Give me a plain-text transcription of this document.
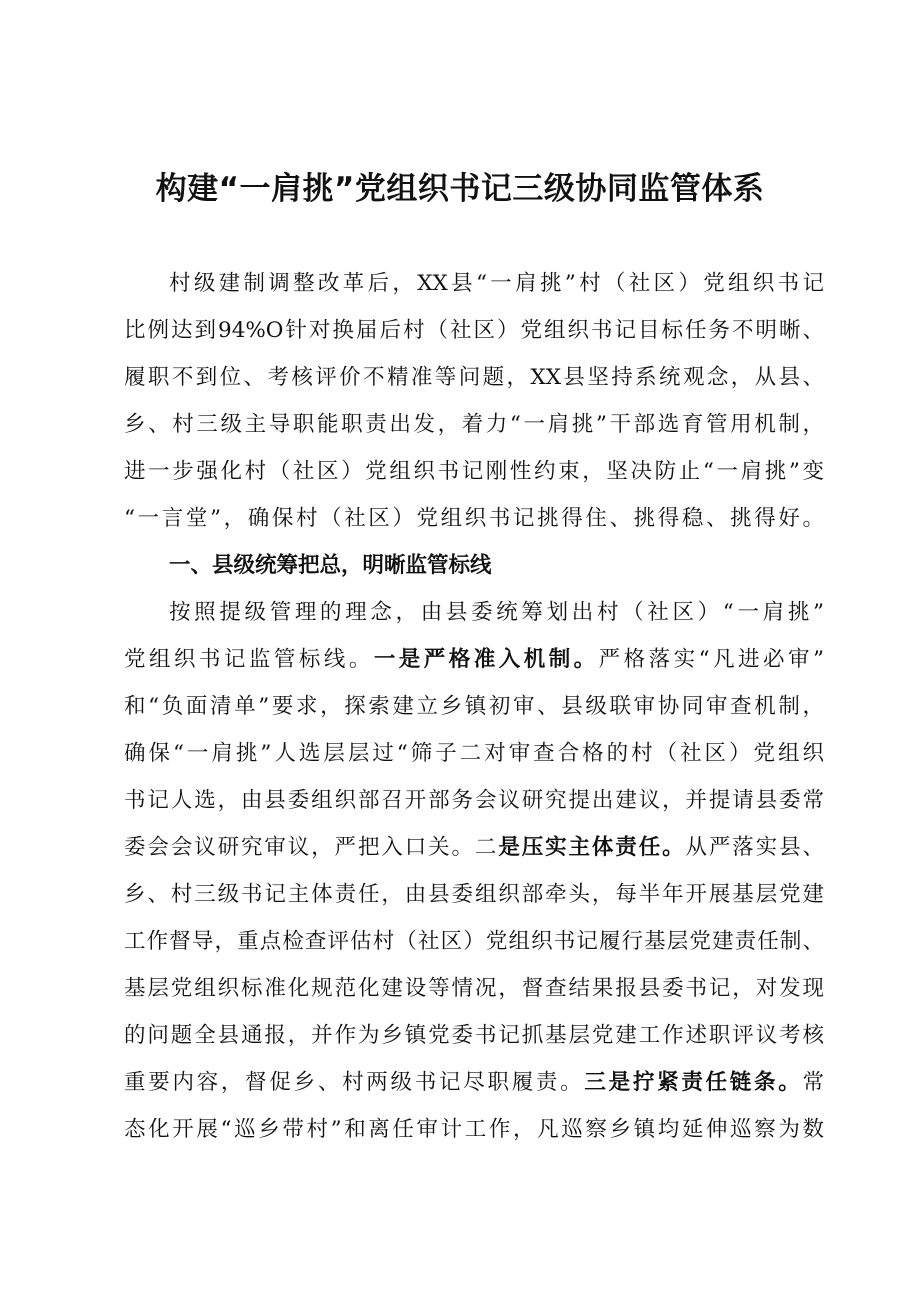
构建“一肩挑”党组织书记三级协同监管体系
村级建制调整改革后，XX县“一肩挑”村（社区）党组织书记
比例达到94%O针对换届后村（社区）党组织书记目标任务不明晰、
履职不到位、考核评价不精准等问题，XX县坚持系统观念，从县、
乡、村三级主导职能职责出发，着力“一肩挑”干部选育管用机制，
进一步强化村（社区）党组织书记刚性约束，坚决防止“一肩挑”变
“一言堂”，确保村（社区）党组织书记挑得住、挑得稳、挑得好。
一、县级统筹把总，明晰监管标线
按照提级管理的理念，由县委统筹划出村（社区）“一肩挑”
党组织书记监管标线。一是严格准入机制。严格落实“凡进必审”
和“负面清单”要求，探索建立乡镇初审、县级联审协同审查机制，
确保“一肩挑”人选层层过“筛子二对审查合格的村（社区）党组织
书记人选，由县委组织部召开部务会议研究提出建议，并提请县委常
委会会议研究审议，严把入口关。二是压实主体责任。从严落实县、
乡、村三级书记主体责任，由县委组织部牵头，每半年开展基层党建
工作督导，重点检查评估村（社区）党组织书记履行基层党建责任制、
基层党组织标准化规范化建设等情况，督查结果报县委书记，对发现
的问题全县通报，并作为乡镇党委书记抓基层党建工作述职评议考核
重要内容，督促乡、村两级书记尽职履责。三是拧紧责任链条。常
态化开展“巡乡带村”和离任审计工作，凡巡察乡镇均延伸巡察为数
